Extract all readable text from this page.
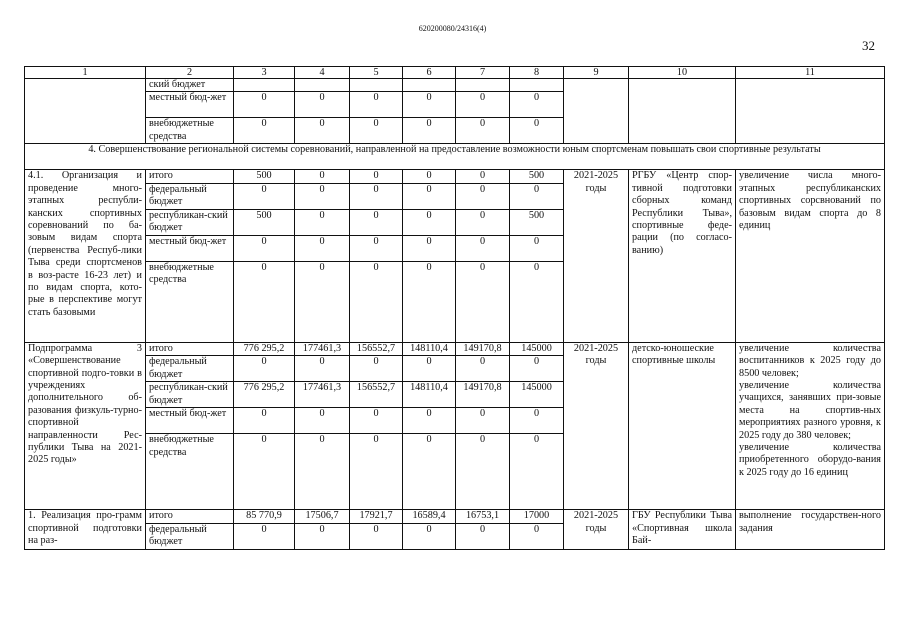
620200080/24316(4)
32
1	2	3	4	5	6	7	8	9	10	11
	ский бюджет									
	местный бюд-жет	0	0	0	0	0	0			
	внебюджетные средства	0	0	0	0	0	0			
4. Совершенствование региональной системы соревнований, направленной на предоставление возможности юным спортсменам повышать свои спортивные результаты										
4.1. Организация и проведение много-этапных республи-канских спортивных соревнований по ба-зовым видам спорта (первенства Респуб-лики Тыва среди спортсменов в воз-расте 16-23 лет) и по видам спорта, кото-рые в перспективе могут стать базовыми	итого	500	0	0	0	0	500	2021-2025 годы	РГБУ «Центр спор-тивной подготовки сборных команд Республики Тыва», спортивные феде-рации (по согласо-ванию)	увеличение числа много-этапных республиканских спортивных сорсвнований по базовым видам спорта до 8 единиц
	федеральный бюджет	0	0	0	0	0	0			
	республикан-ский бюджет	500	0	0	0	0	500			
	местный бюд-жет	0	0	0	0	0	0			
	внебюджетные средства	0	0	0	0	0	0			
Подпрограмма 3 «Совершенствование спортивной подго-товки в учреждениях дополнительного об-разования физкуль-турно-спортивной направленности Рес-публики Тыва на 2021-2025 годы»	итого	776 295,2	177461,3	156552,7	148110,4	149170,8	145000	2021-2025 годы	детско-юношеские спортивные школы	увеличение количества воспитанников к 2025 году до 8500 человек;
увеличение количества учащихся, занявших при-зовые места на спортив-ных мероприятиях разного уровня, к 2025 году до 380 человек;
увеличение количества приобретенного оборудо-вания к 2025 году до 16 единиц

	федеральный бюджет	0	0	0	0	0	0			
	республикан-ский бюджет	776 295,2	177461,3	156552,7	148110,4	149170,8	145000			
	местный бюд-жет	0	0	0	0	0	0			
	внебюджетные средства	0	0	0	0	0	0			
1. Реализация про-грамм спортивной подготовки на раз-	итого	85 770,9	17506,7	17921,7	16589,4	16753,1	17000	2021-2025 годы	ГБУ Республики Тыва «Спортивная школа Бай-	выполнение государствен-ного задания
	федеральный бюджет	0	0	0	0	0	0			
